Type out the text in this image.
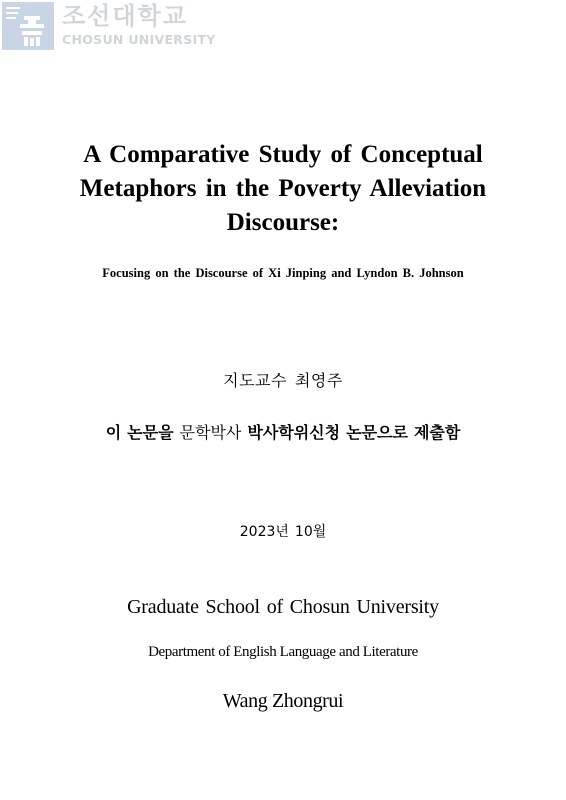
조선대학교
CHOSUN UNIVERSITY
A Comparative Study of Conceptual
Metaphors in the Poverty Alleviation
Discourse:
Focusing on the Discourse of Xi Jinping and Lyndon B. Johnson
지도교수 최영주
이 논문을 문학박사 박사학위신청 논문으로 제출함
2023년 10월
Graduate School of Chosun University
Department of English Language and Literature
Wang Zhongrui
